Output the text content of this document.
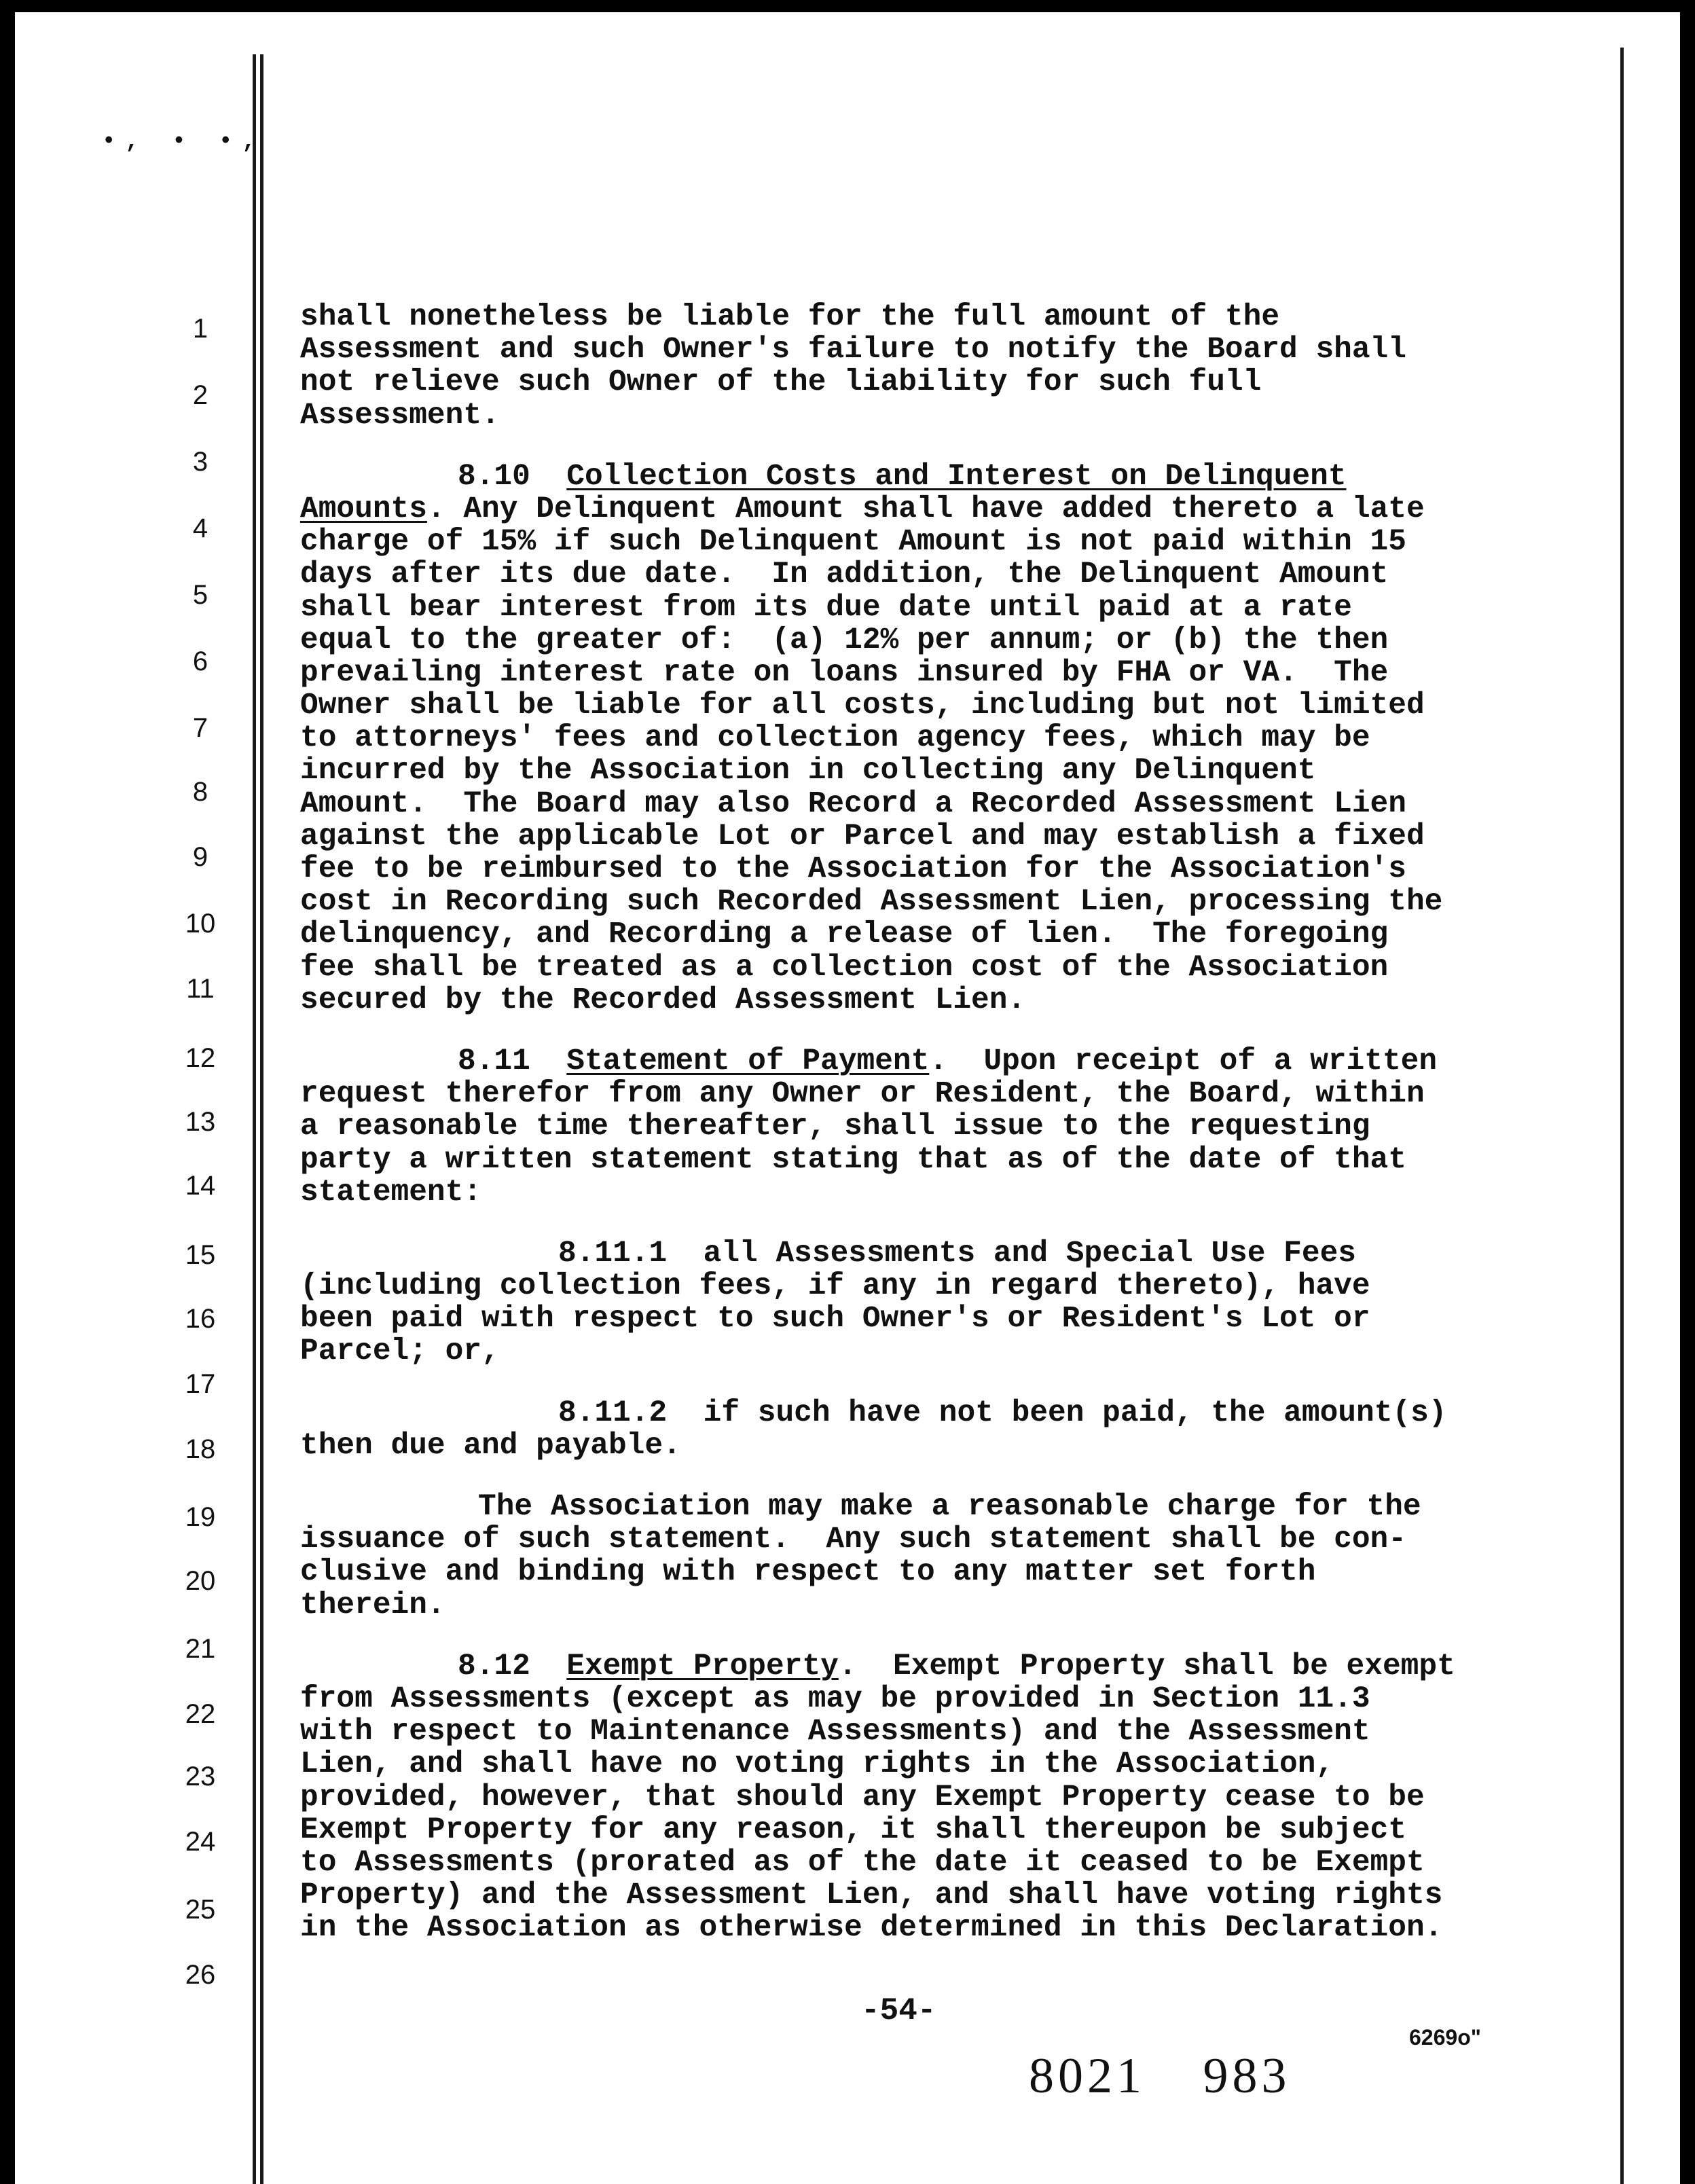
•, • •,
1
2
3
4
5
6
7
8
9
10
11
12
13
14
15
16
17
18
19
20
21
22
23
24
25
26
shall nonetheless be liable for the full amount of the
Assessment and such Owner's failure to notify the Board shall
not relieve such Owner of the liability for such full
Assessment.
8.10 Collection Costs and Interest on Delinquent
Amounts. Any Delinquent Amount shall have added thereto a late
charge of 15% if such Delinquent Amount is not paid within 15
days after its due date.  In addition, the Delinquent Amount
shall bear interest from its due date until paid at a rate
equal to the greater of:  (a) 12% per annum; or (b) the then
prevailing interest rate on loans insured by FHA or VA.  The
Owner shall be liable for all costs, including but not limited
to attorneys' fees and collection agency fees, which may be
incurred by the Association in collecting any Delinquent
Amount.  The Board may also Record a Recorded Assessment Lien
against the applicable Lot or Parcel and may establish a fixed
fee to be reimbursed to the Association for the Association's
cost in Recording such Recorded Assessment Lien, processing the
delinquency, and Recording a release of lien.  The foregoing
fee shall be treated as a collection cost of the Association
secured by the Recorded Assessment Lien.
8.11 Statement of Payment.  Upon receipt of a written
request therefor from any Owner or Resident, the Board, within
a reasonable time thereafter, shall issue to the requesting
party a written statement stating that as of the date of that
statement:
8.11.1  all Assessments and Special Use Fees
(including collection fees, if any in regard thereto), have
been paid with respect to such Owner's or Resident's Lot or
Parcel; or,
8.11.2  if such have not been paid, the amount(s)
then due and payable.
The Association may make a reasonable charge for the
issuance of such statement.  Any such statement shall be con-
clusive and binding with respect to any matter set forth
therein.
8.12 Exempt Property.  Exempt Property shall be exempt
from Assessments (except as may be provided in Section 11.3
with respect to Maintenance Assessments) and the Assessment
Lien, and shall have no voting rights in the Association,
provided, however, that should any Exempt Property cease to be
Exempt Property for any reason, it shall thereupon be subject
to Assessments (prorated as of the date it ceased to be Exempt
Property) and the Assessment Lien, and shall have voting rights
in the Association as otherwise determined in this Declaration.
-54-
6269o"
8021 983
